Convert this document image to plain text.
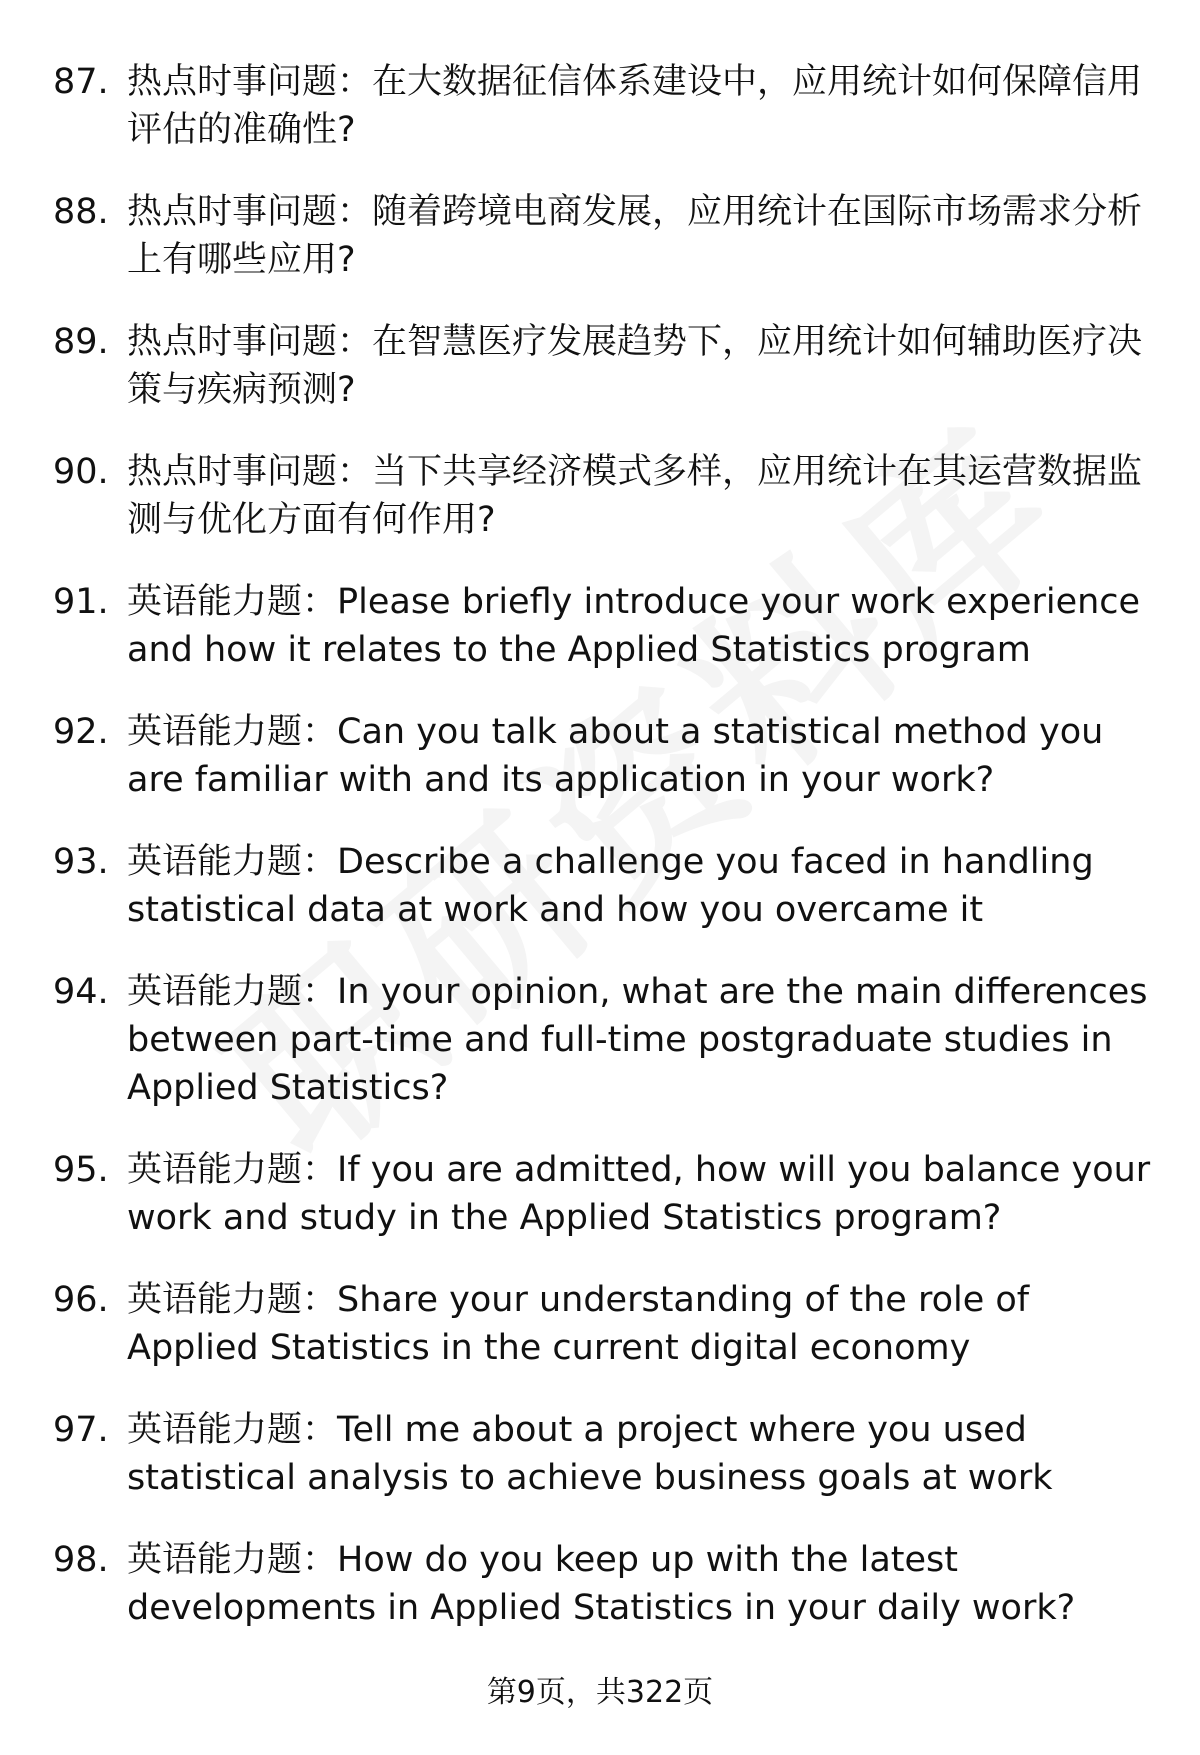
87. 热点时事问题：在大数据征信体系建设中，应用统计如何保障信用评估的准确性?
88. 热点时事问题：随着跨境电商发展，应用统计在国际市场需求分析上有哪些应用?
89. 热点时事问题：在智慧医疗发展趋势下，应用统计如何辅助医疗决策与疾病预测?
90. 热点时事问题：当下共享经济模式多样，应用统计在其运营数据监测与优化方面有何作用?
91. 英语能力题：Please briefly introduce your work experience and how it relates to the Applied Statistics program
92. 英语能力题：Can you talk about a statistical method you are familiar with and its application in your work?
93. 英语能力题：Describe a challenge you faced in handling statistical data at work and how you overcame it
94. 英语能力题：In your opinion, what are the main differences between part-time and full-time postgraduate studies in Applied Statistics?
95. 英语能力题：If you are admitted, how will you balance your work and study in the Applied Statistics program?
96. 英语能力题：Share your understanding of the role of Applied Statistics in the current digital economy
97. 英语能力题：Tell me about a project where you used statistical analysis to achieve business goals at work
98. 英语能力题：How do you keep up with the latest developments in Applied Statistics in your daily work?
第9页，共322页
